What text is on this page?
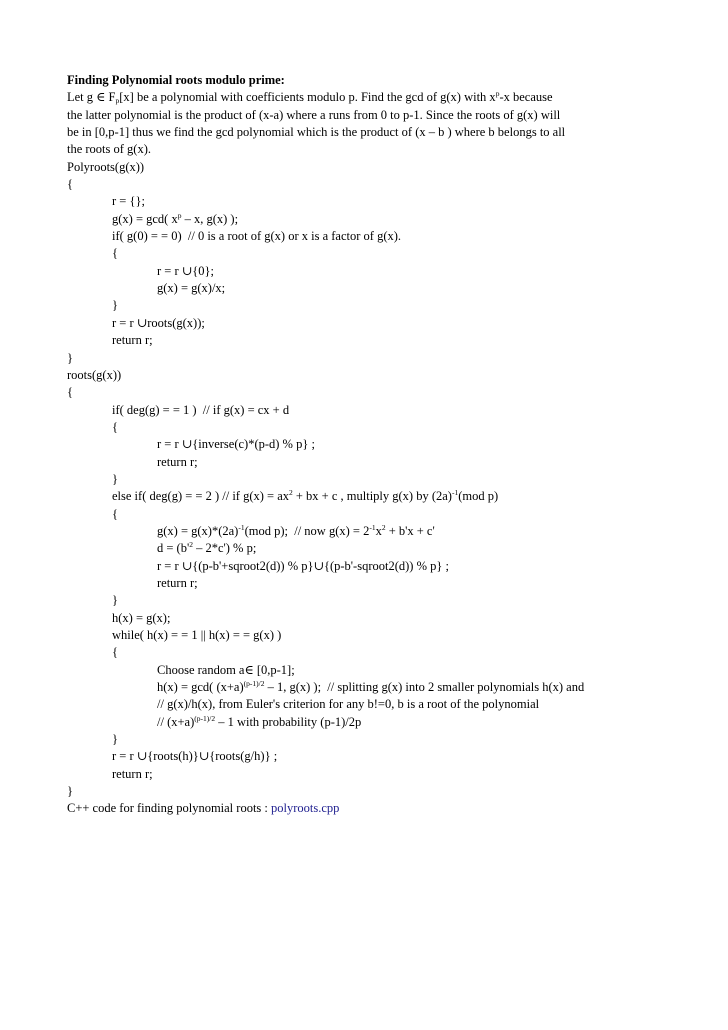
Finding Polynomial roots modulo prime:
Let g ∈ $F_p[x]$ be a polynomial with coefficients modulo p. Find the gcd of g(x) with $x^p-x$ because
the latter polynomial is the product of (x-a) where a runs from 0 to p-1. Since the roots of g(x) will
be in [0,p-1] thus we find the gcd polynomial which is the product of (x – b ) where b belongs to all
the roots of g(x).
Polyroots(g(x))
{
r = {};
g(x) = gcd( $x^p$ – x, g(x) );
if( g(0) = = 0)  // 0 is a root of g(x) or x is a factor of g(x).
{
r = r ∪{0};
g(x) = g(x)/x;
}
r = r ∪roots(g(x));
return r;
}
roots(g(x))
{
if( deg(g) = = 1 )  // if g(x) = cx + d
{
r = r ∪{inverse(c)*(p-d) % p} ;
return r;
}
else if( deg(g) = = 2 ) // if $g(x) = ax^2$ + bx + c , multiply g(x) by $(2a)^{-1}(mod$ p)
{
$g(x) = g(x)*(2a)^{-1}(mod$ p);  // now $g(x) = 2^{-1}x^2 + b'x + c'$
$d = (b'^2 - 2*c')$ % p;
r = r ∪{(p-b'+sqroot2(d)) % p}∪{(p-b'-sqroot2(d)) % p} ;
return r;
}
h(x) = g(x);
while( h(x) = = 1 || h(x) = = g(x) )
{
Choose random a∈ [0,p-1];
h(x) = gcd( $(x+a)^{(p-1)/2} - 1$, g(x) );  // splitting g(x) into 2 smaller polynomials h(x) and
// g(x)/h(x), from Euler's criterion for any b!=0, b is a root of the polynomial
// $(x+a)^{(p-1)/2} - 1$ with probability (p-1)/2p
}
r = r ∪{roots(h)}∪{roots(g/h)} ;
return r;
}
C++ code for finding polynomial roots : polyroots.cpp
